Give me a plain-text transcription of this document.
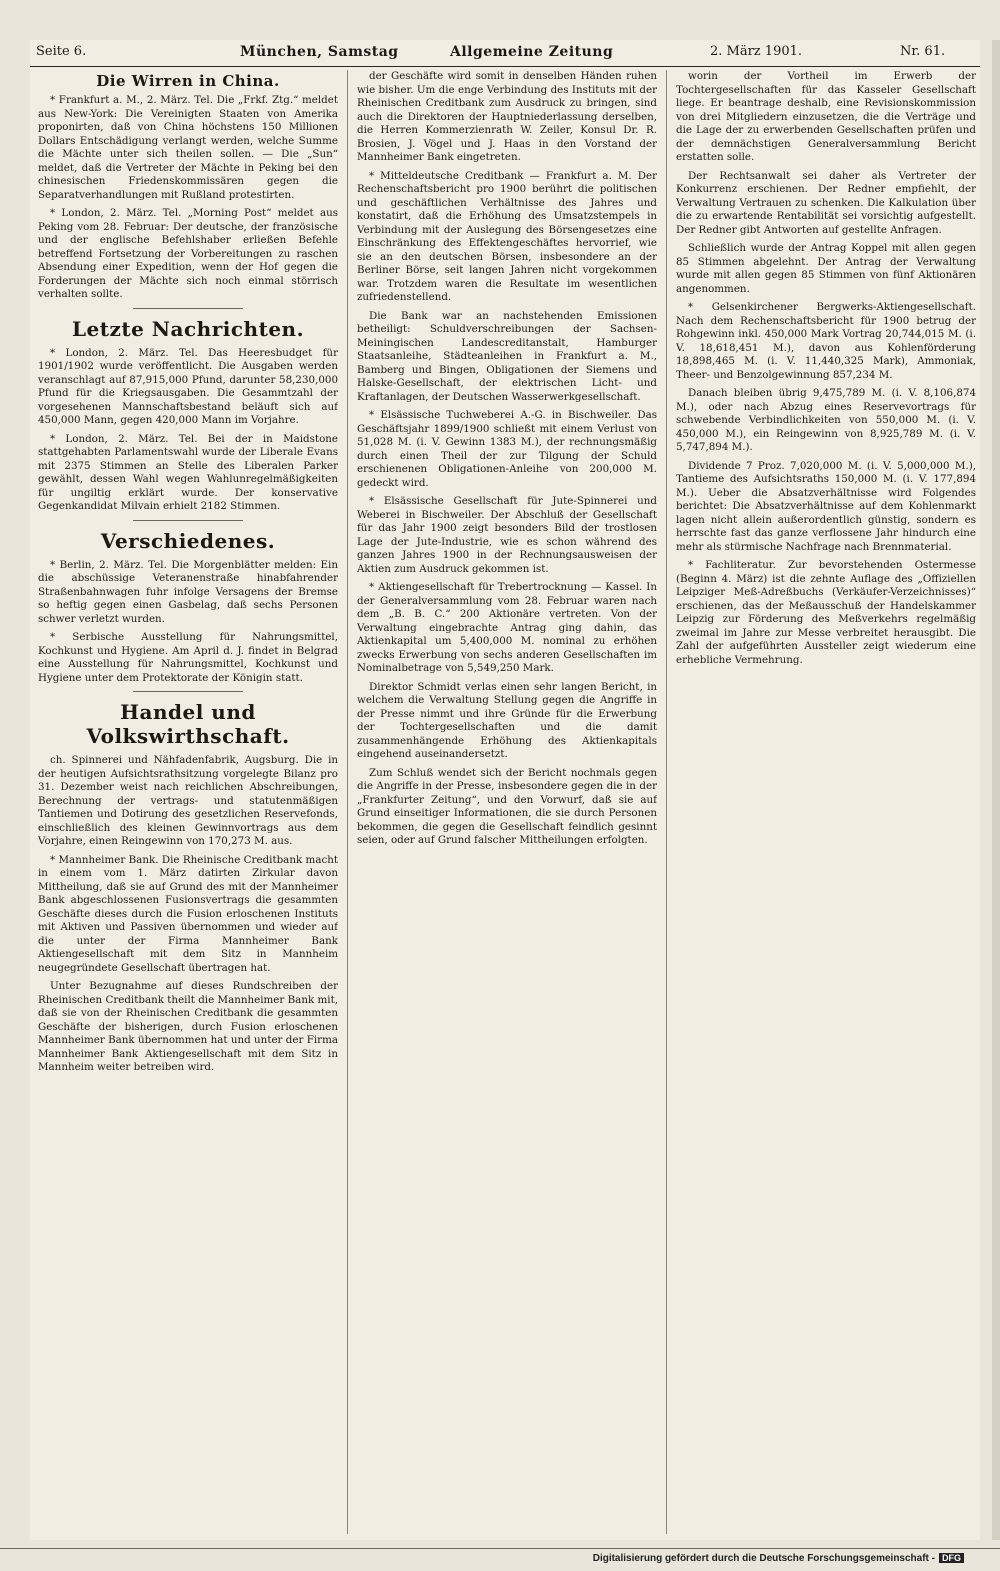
Seite 6.	München, Samstag	Allgemeine Zeitung	2. März 1901.	Nr. 61.
Die Wirren in China.

* Frankfurt a. M., 2. März. Tel. Die „Frkf. Ztg.“ meldet aus New-York: Die Vereinigten Staaten von Amerika proponirten, daß von China höchstens 150 Millionen Dollars Entschädigung verlangt werden, welche Summe die Mächte unter sich theilen sollen. — Die „Sun“ meldet, daß die Vertreter der Mächte in Peking bei den chinesischen Friedenskommissären gegen die Separatverhandlungen mit Rußland protestirten.

* London, 2. März. Tel. „Morning Post“ meldet aus Peking vom 28. Februar: Der deutsche, der französische und der englische Befehlshaber erließen Befehle betreffend Fortsetzung der Vorbereitungen zu raschen Absendung einer Expedition, wenn der Hof gegen die Forderungen der Mächte sich noch einmal störrisch verhalten sollte.

Letzte Nachrichten.

* London, 2. März. Tel. Das Heeresbudget für 1901/1902 wurde veröffentlicht. Die Ausgaben werden veranschlagt auf 87,915,000 Pfund, darunter 58,230,000 Pfund für die Kriegsausgaben. Die Gesammtzahl der vorgesehenen Mannschaftsbestand beläuft sich auf 450,000 Mann, gegen 420,000 Mann im Vorjahre.

* London, 2. März. Tel. Bei der in Maidstone stattgehabten Parlamentswahl wurde der Liberale Evans mit 2375 Stimmen an Stelle des Liberalen Parker gewählt, dessen Wahl wegen Wahlunregelmäßigkeiten für ungiltig erklärt wurde. Der konservative Gegenkandidat Milvain erhielt 2182 Stimmen.

Verschiedenes.

* Berlin, 2. März. Tel. Die Morgenblätter melden: Ein die abschüssige Veteranenstraße hinabfahrender Straßenbahnwagen fuhr infolge Versagens der Bremse so heftig gegen einen Gasbelag, daß sechs Personen schwer verletzt wurden.

* Serbische Ausstellung für Nahrungsmittel, Kochkunst und Hygiene. Am April d. J. findet in Belgrad eine Ausstellung für Nahrungsmittel, Kochkunst und Hygiene unter dem Protektorate der Königin statt.

Handel und Volkswirthschaft.

ch. Spinnerei und Nähfadenfabrik, Augsburg. Die in der heutigen Aufsichtsrathsitzung vorgelegte Bilanz pro 31. Dezember weist nach reichlichen Abschreibungen, Berechnung der vertrags- und statutenmäßigen Tantiemen und Dotirung des gesetzlichen Reservefonds, einschließlich des kleinen Gewinnvortrags aus dem Vorjahre, einen Reingewinn von 170,273 M. aus.

* Mannheimer Bank. Die Rheinische Creditbank macht in einem vom 1. März datirten Zirkular davon Mittheilung, daß sie auf Grund des mit der Mannheimer Bank abgeschlossenen Fusionsvertrags die gesammten Geschäfte dieses durch die Fusion erloschenen Instituts mit Aktiven und Passiven übernommen und wieder auf die unter der Firma Mannheimer Bank Aktiengesellschaft mit dem Sitz in Mannheim neugegründete Gesellschaft übertragen hat.

Unter Bezugnahme auf dieses Rundschreiben der Rheinischen Creditbank theilt die Mannheimer Bank mit, daß sie von der Rheinischen Creditbank die gesammten Geschäfte der bisherigen, durch Fusion erloschenen Mannheimer Bank übernommen hat und unter der Firma Mannheimer Bank Aktiengesellschaft mit dem Sitz in Mannheim weiter betreiben wird.

der Geschäfte wird somit in denselben Händen ruhen wie bisher. Um die enge Verbindung des Instituts mit der Rheinischen Creditbank zum Ausdruck zu bringen, sind auch die Direktoren der Hauptniederlassung derselben, die Herren Kommerzienrath W. Zeiler, Konsul Dr. R. Brosien, J. Vögel und J. Haas in den Vorstand der Mannheimer Bank eingetreten.

* Mitteldeutsche Creditbank — Frankfurt a. M. Der Rechenschaftsbericht pro 1900 berührt die politischen und geschäftlichen Verhältnisse des Jahres und konstatirt, daß die Erhöhung des Umsatzstempels in Verbindung mit der Auslegung des Börsengesetzes eine Einschränkung des Effektengeschäftes hervorrief, wie sie an den deutschen Börsen, insbesondere an der Berliner Börse, seit langen Jahren nicht vorgekommen war. Trotzdem waren die Resultate im wesentlichen zufriedenstellend.

Die Bank war an nachstehenden Emissionen betheiligt: Schuldverschreibungen der Sachsen-Meiningischen Landescreditanstalt, Hamburger Staatsanleihe, Städteanleihen in Frankfurt a. M., Bamberg und Bingen, Obligationen der Siemens und Halske-Gesellschaft, der elektrischen Licht- und Kraftanlagen, der Deutschen Wasserwerkgesellschaft.

* Elsässische Tuchweberei A.-G. in Bischweiler. Das Geschäftsjahr 1899/1900 schließt mit einem Verlust von 51,028 M. (i. V. Gewinn 1383 M.), der rechnungsmäßig durch einen Theil der zur Tilgung der Schuld erschienenen Obligationen-Anleihe von 200,000 M. gedeckt wird.

* Elsässische Gesellschaft für Jute-Spinnerei und Weberei in Bischweiler. Der Abschluß der Gesellschaft für das Jahr 1900 zeigt besonders Bild der trostlosen Lage der Jute-Industrie, wie es schon während des ganzen Jahres 1900 in der Rechnungsausweisen der Aktien zum Ausdruck gekommen ist.

* Aktiengesellschaft für Trebertrocknung — Kassel. In der Generalversammlung vom 28. Februar waren nach dem „B. B. C.“ 200 Aktionäre vertreten. Von der Verwaltung eingebrachte Antrag ging dahin, das Aktienkapital um 5,400,000 M. nominal zu erhöhen zwecks Erwerbung von sechs anderen Gesellschaften im Nominalbetrage von 5,549,250 Mark.

Direktor Schmidt verlas einen sehr langen Bericht, in welchem die Verwaltung Stellung gegen die Angriffe in der Presse nimmt und ihre Gründe für die Erwerbung der Tochtergesellschaften und die damit zusammenhängende Erhöhung des Aktienkapitals eingehend auseinandersetzt.

Zum Schluß wendet sich der Bericht nochmals gegen die Angriffe in der Presse, insbesondere gegen die in der „Frankfurter Zeitung“, und den Vorwurf, daß sie auf Grund einseitiger Informationen, die sie durch Personen bekommen, die gegen die Gesellschaft feindlich gesinnt seien, oder auf Grund falscher Mittheilungen erfolgten.

worin der Vortheil im Erwerb der Tochtergesellschaften für das Kasseler Gesellschaft liege. Er beantrage deshalb, eine Revisionskommission von drei Mitgliedern einzusetzen, die die Verträge und die Lage der zu erwerbenden Gesellschaften prüfen und der demnächstigen Generalversammlung Bericht erstatten solle.

Der Rechtsanwalt sei daher als Vertreter der Konkurrenz erschienen. Der Redner empfiehlt, der Verwaltung Vertrauen zu schenken. Die Kalkulation über die zu erwartende Rentabilität sei vorsichtig aufgestellt. Der Redner gibt Antworten auf gestellte Anfragen.

Schließlich wurde der Antrag Koppel mit allen gegen 85 Stimmen abgelehnt. Der Antrag der Verwaltung wurde mit allen gegen 85 Stimmen von fünf Aktionären angenommen.

* Gelsenkirchener Bergwerks-Aktiengesellschaft. Nach dem Rechenschaftsbericht für 1900 betrug der Rohgewinn inkl. 450,000 Mark Vortrag 20,744,015 M. (i. V. 18,618,451 M.), davon aus Kohlenförderung 18,898,465 M. (i. V. 11,440,325 Mark), Ammoniak, Theer- und Benzolgewinnung 857,234 M.

Danach bleiben übrig 9,475,789 M. (i. V. 8,106,874 M.), oder nach Abzug eines Reservevortrags für schwebende Verbindlichkeiten von 550,000 M. (i. V. 450,000 M.), ein Reingewinn von 8,925,789 M. (i. V. 5,747,894 M.).

Dividende 7 Proz. 7,020,000 M. (i. V. 5,000,000 M.), Tantieme des Aufsichtsraths 150,000 M. (i. V. 177,894 M.). Ueber die Absatzverhältnisse wird Folgendes berichtet: Die Absatzverhältnisse auf dem Kohlenmarkt lagen nicht allein außerordentlich günstig, sondern es herrschte fast das ganze verflossene Jahr hindurch eine mehr als stürmische Nachfrage nach Brennmaterial.

* Fachliteratur. Zur bevorstehenden Ostermesse (Beginn 4. März) ist die zehnte Auflage des „Offiziellen Leipziger Meß-Adreßbuchs (Verkäufer-Verzeichnisses)“ erschienen, das der Meßausschuß der Handelskammer Leipzig zur Förderung des Meßverkehrs regelmäßig zweimal im Jahre zur Messe verbreitet herausgibt. Die Zahl der aufgeführten Aussteller zeigt wiederum eine erhebliche Vermehrung.

Digitalisierung gefördert durch die Deutsche Forschungsgemeinschaft - DFG
